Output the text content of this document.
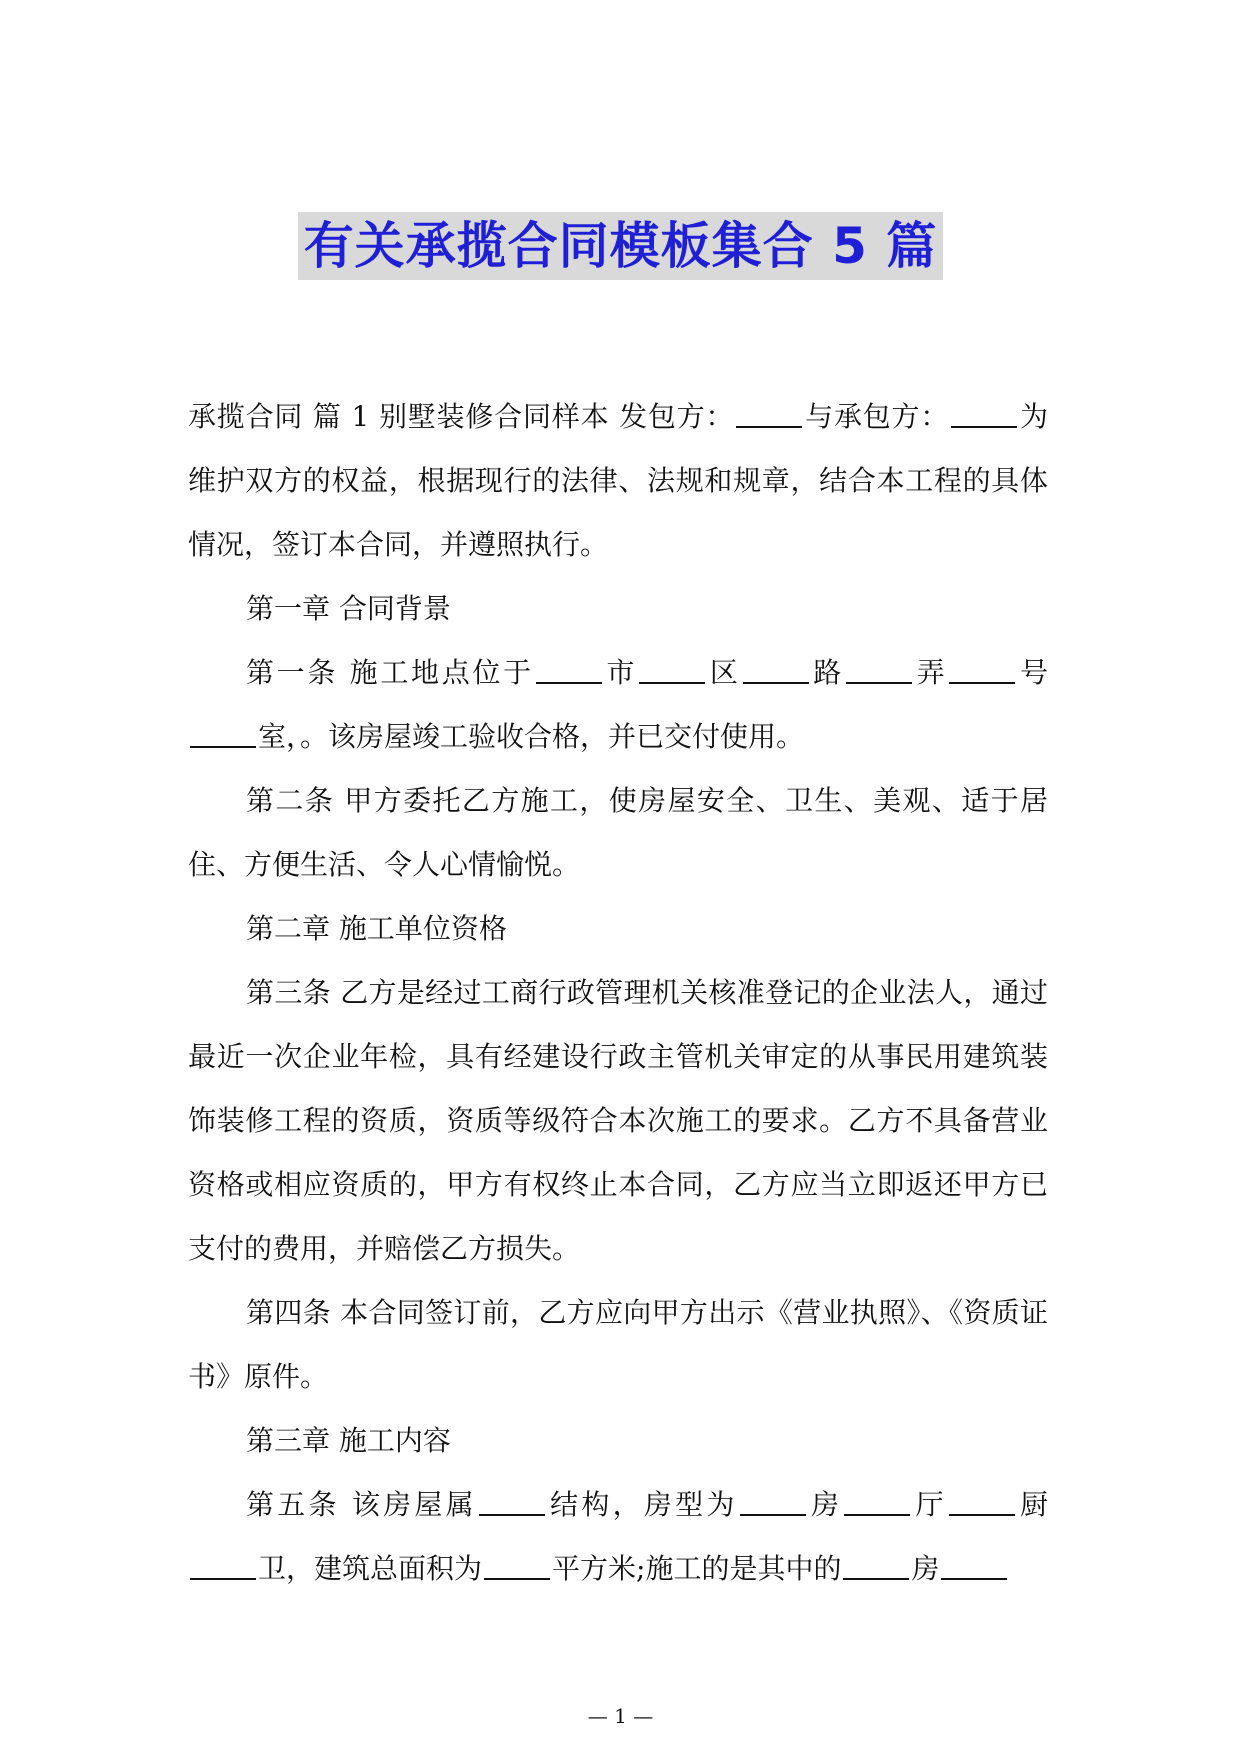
有关承揽合同模板集合 5 篇

承揽合同 篇 1 别墅装修合同样本 发包方：	与承包方：	为维护双方的权益，根据现行的法律、法规和规章，结合本工程的具体情况，签订本合同，并遵照执行。

第一章 合同背景

第一条 施工地点位于	市	区	路	弄	号室，。该房屋竣工验收合格，并已交付使用。

第二条 甲方委托乙方施工，使房屋安全、卫生、美观、适于居住、方便生活、令人心情愉悦。

第二章 施工单位资格

第三条 乙方是经过工商行政管理机关核准登记的企业法人，通过最近一次企业年检，具有经建设行政主管机关审定的从事民用建筑装饰装修工程的资质，资质等级符合本次施工的要求。乙方不具备营业资格或相应资质的，甲方有权终止本合同，乙方应当立即返还甲方已支付的费用，并赔偿乙方损失。

第四条 本合同签订前，乙方应向甲方出示《营业执照》、《资质证书》原件。

第三章 施工内容

第五条 该房屋属	结构，房型为	房	厅	厨卫，建筑总面积为	平方米;施工的是其中的	房

— 1 —
